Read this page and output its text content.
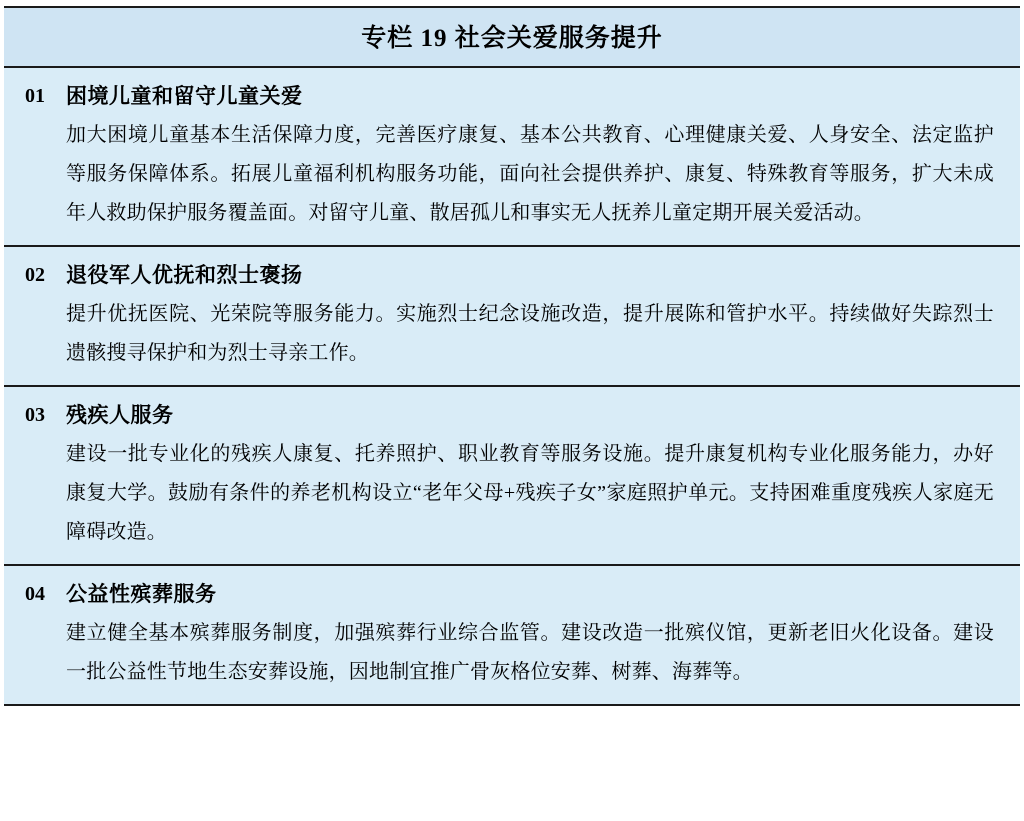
专栏 19 社会关爱服务提升
01	困境儿童和留守儿童关爱
加大困境儿童基本生活保障力度，完善医疗康复、基本公共教育、心理健康关爱、人身安全、法定监护等服务保障体系。拓展儿童福利机构服务功能，面向社会提供养护、康复、特殊教育等服务，扩大未成年人救助保护服务覆盖面。对留守儿童、散居孤儿和事实无人抚养儿童定期开展关爱活动。
02	退役军人优抚和烈士褒扬
提升优抚医院、光荣院等服务能力。实施烈士纪念设施改造，提升展陈和管护水平。持续做好失踪烈士遗骸搜寻保护和为烈士寻亲工作。
03	残疾人服务
建设一批专业化的残疾人康复、托养照护、职业教育等服务设施。提升康复机构专业化服务能力，办好康复大学。鼓励有条件的养老机构设立“老年父母+残疾子女”家庭照护单元。支持困难重度残疾人家庭无障碍改造。
04	公益性殡葬服务
建立健全基本殡葬服务制度，加强殡葬行业综合监管。建设改造一批殡仪馆，更新老旧火化设备。建设一批公益性节地生态安葬设施，因地制宜推广骨灰格位安葬、树葬、海葬等。
